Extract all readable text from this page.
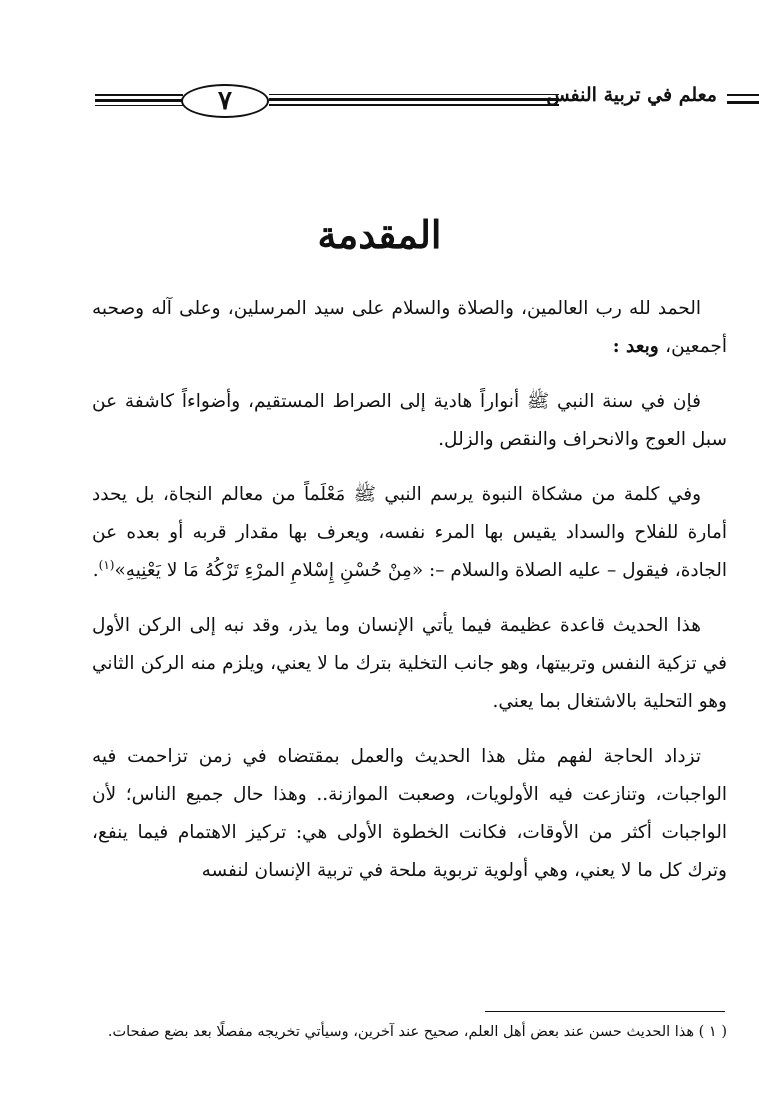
٧	معلم في تربية النفس
المقدمة

الحمد لله رب العالمين، والصلاة والسلام على سيد المرسلين، وعلى آله وصحبه أجمعين، وبعد :

فإن في سنة النبي ﷺ أنواراً هادية إلى الصراط المستقيم، وأضواءاً كاشفة عن سبل العوج والانحراف والنقص والزلل.

وفي كلمة من مشكاة النبوة يرسم النبي ﷺ مَعْلَماً من معالم النجاة، بل يحدد أمارة للفلاح والسداد يقيس بها المرء نفسه، ويعرف بها مقدار قربه أو بعده عن الجادة، فيقول – عليه الصلاة والسلام –: «مِنْ حُسْنِ إِسْلامِ المرْءِ تَرْكُهُ مَا لا يَعْنِيهِ»$^{(١)}$.

هذا الحديث قاعدة عظيمة فيما يأتي الإنسان وما يذر، وقد نبه إلى الركن الأول في تزكية النفس وتربيتها، وهو جانب التخلية بترك ما لا يعني، ويلزم منه الركن الثاني وهو التحلية بالاشتغال بما يعني.

تزداد الحاجة لفهم مثل هذا الحديث والعمل بمقتضاه في زمن تزاحمت فيه الواجبات، وتنازعت فيه الأولويات، وصعبت الموازنة.. وهذا حال جميع الناس؛ لأن الواجبات أكثر من الأوقات، فكانت الخطوة الأولى هي: تركيز الاهتمام فيما ينفع، وترك كل ما لا يعني، وهي أولوية تربوية ملحة في تربية الإنسان لنفسه

( ١ ) هذا الحديث حسن عند بعض أهل العلم، صحيح عند آخرين، وسيأتي تخريجه مفصلًا بعد بضع صفحات.
